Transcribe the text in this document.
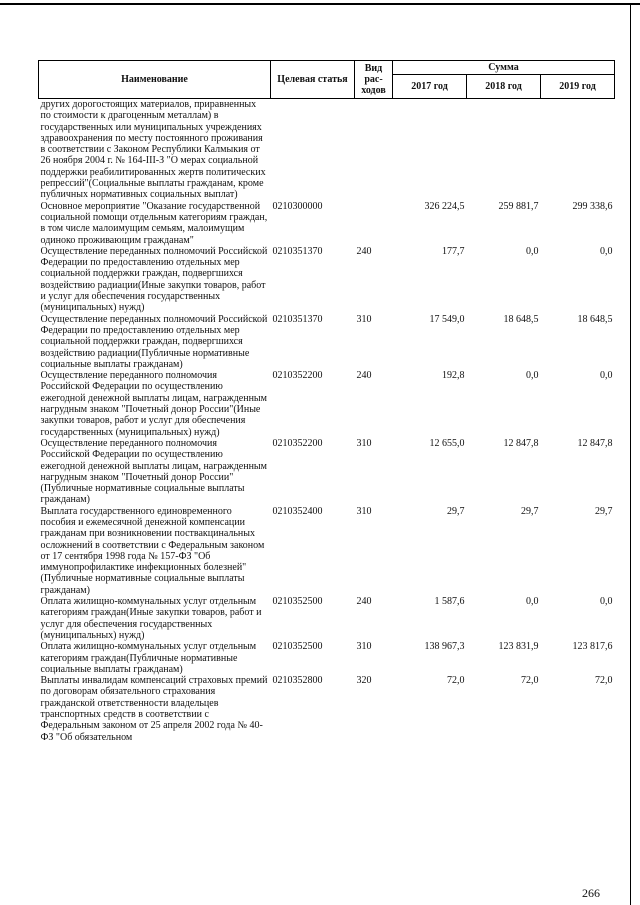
Наименование	Целевая статья	Вид рас-ходов	Сумма		
			2017 год	2018 год	2019 год
других дорогостоящих материалов, приравненных по стоимости к драгоценным металлам) в государственных или муниципальных учреждениях здравоохранения по месту постоянного проживания в соответствии с Законом Республики Калмыкия от 26 ноября 2004 г. № 164-III-З "О мерах социальной поддержки реабилитированных жертв политических репрессий"(Социальные выплаты гражданам, кроме публичных нормативных социальных выплат)					
Основное мероприятие "Оказание государственной социальной помощи отдельным категориям граждан, в том числе малоимущим семьям, малоимущим одиноко проживающим гражданам"	0210300000		326 224,5	259 881,7	299 338,6
Осуществление переданных полномочий Российской Федерации по предоставлению отдельных мер социальной поддержки граждан, подвергшихся воздействию радиации(Иные закупки товаров, работ и услуг для обеспечения государственных (муниципальных) нужд)	0210351370	240	177,7	0,0	0,0
Осуществление переданных полномочий Российской Федерации по предоставлению отдельных мер социальной поддержки граждан, подвергшихся воздействию радиации(Публичные нормативные социальные выплаты гражданам)	0210351370	310	17 549,0	18 648,5	18 648,5
Осуществление переданного полномочия Российской Федерации по осуществлению ежегодной денежной выплаты лицам, награжденным нагрудным знаком "Почетный донор России"(Иные закупки товаров, работ и услуг для обеспечения государственных (муниципальных) нужд)	0210352200	240	192,8	0,0	0,0
Осуществление переданного полномочия Российской Федерации по осуществлению ежегодной денежной выплаты лицам, награжденным нагрудным знаком "Почетный донор России"(Публичные нормативные социальные выплаты гражданам)	0210352200	310	12 655,0	12 847,8	12 847,8
Выплата государственного единовременного пособия и ежемесячной денежной компенсации гражданам при возникновении поствакцинальных осложнений в соответствии с Федеральным законом от 17 сентября 1998 года № 157-ФЗ "Об иммунопрофилактике инфекционных болезней"(Публичные нормативные социальные выплаты гражданам)	0210352400	310	29,7	29,7	29,7
Оплата жилищно-коммунальных услуг отдельным категориям граждан(Иные закупки товаров, работ и услуг для обеспечения государственных (муниципальных) нужд)	0210352500	240	1 587,6	0,0	0,0
Оплата жилищно-коммунальных услуг отдельным категориям граждан(Публичные нормативные социальные выплаты гражданам)	0210352500	310	138 967,3	123 831,9	123 817,6
Выплаты инвалидам компенсаций страховых премий по договорам обязательного страхования гражданской ответственности владельцев транспортных средств в соответствии с Федеральным законом от 25 апреля 2002 года № 40-ФЗ "Об обязательном	0210352800	320	72,0	72,0	72,0
266
